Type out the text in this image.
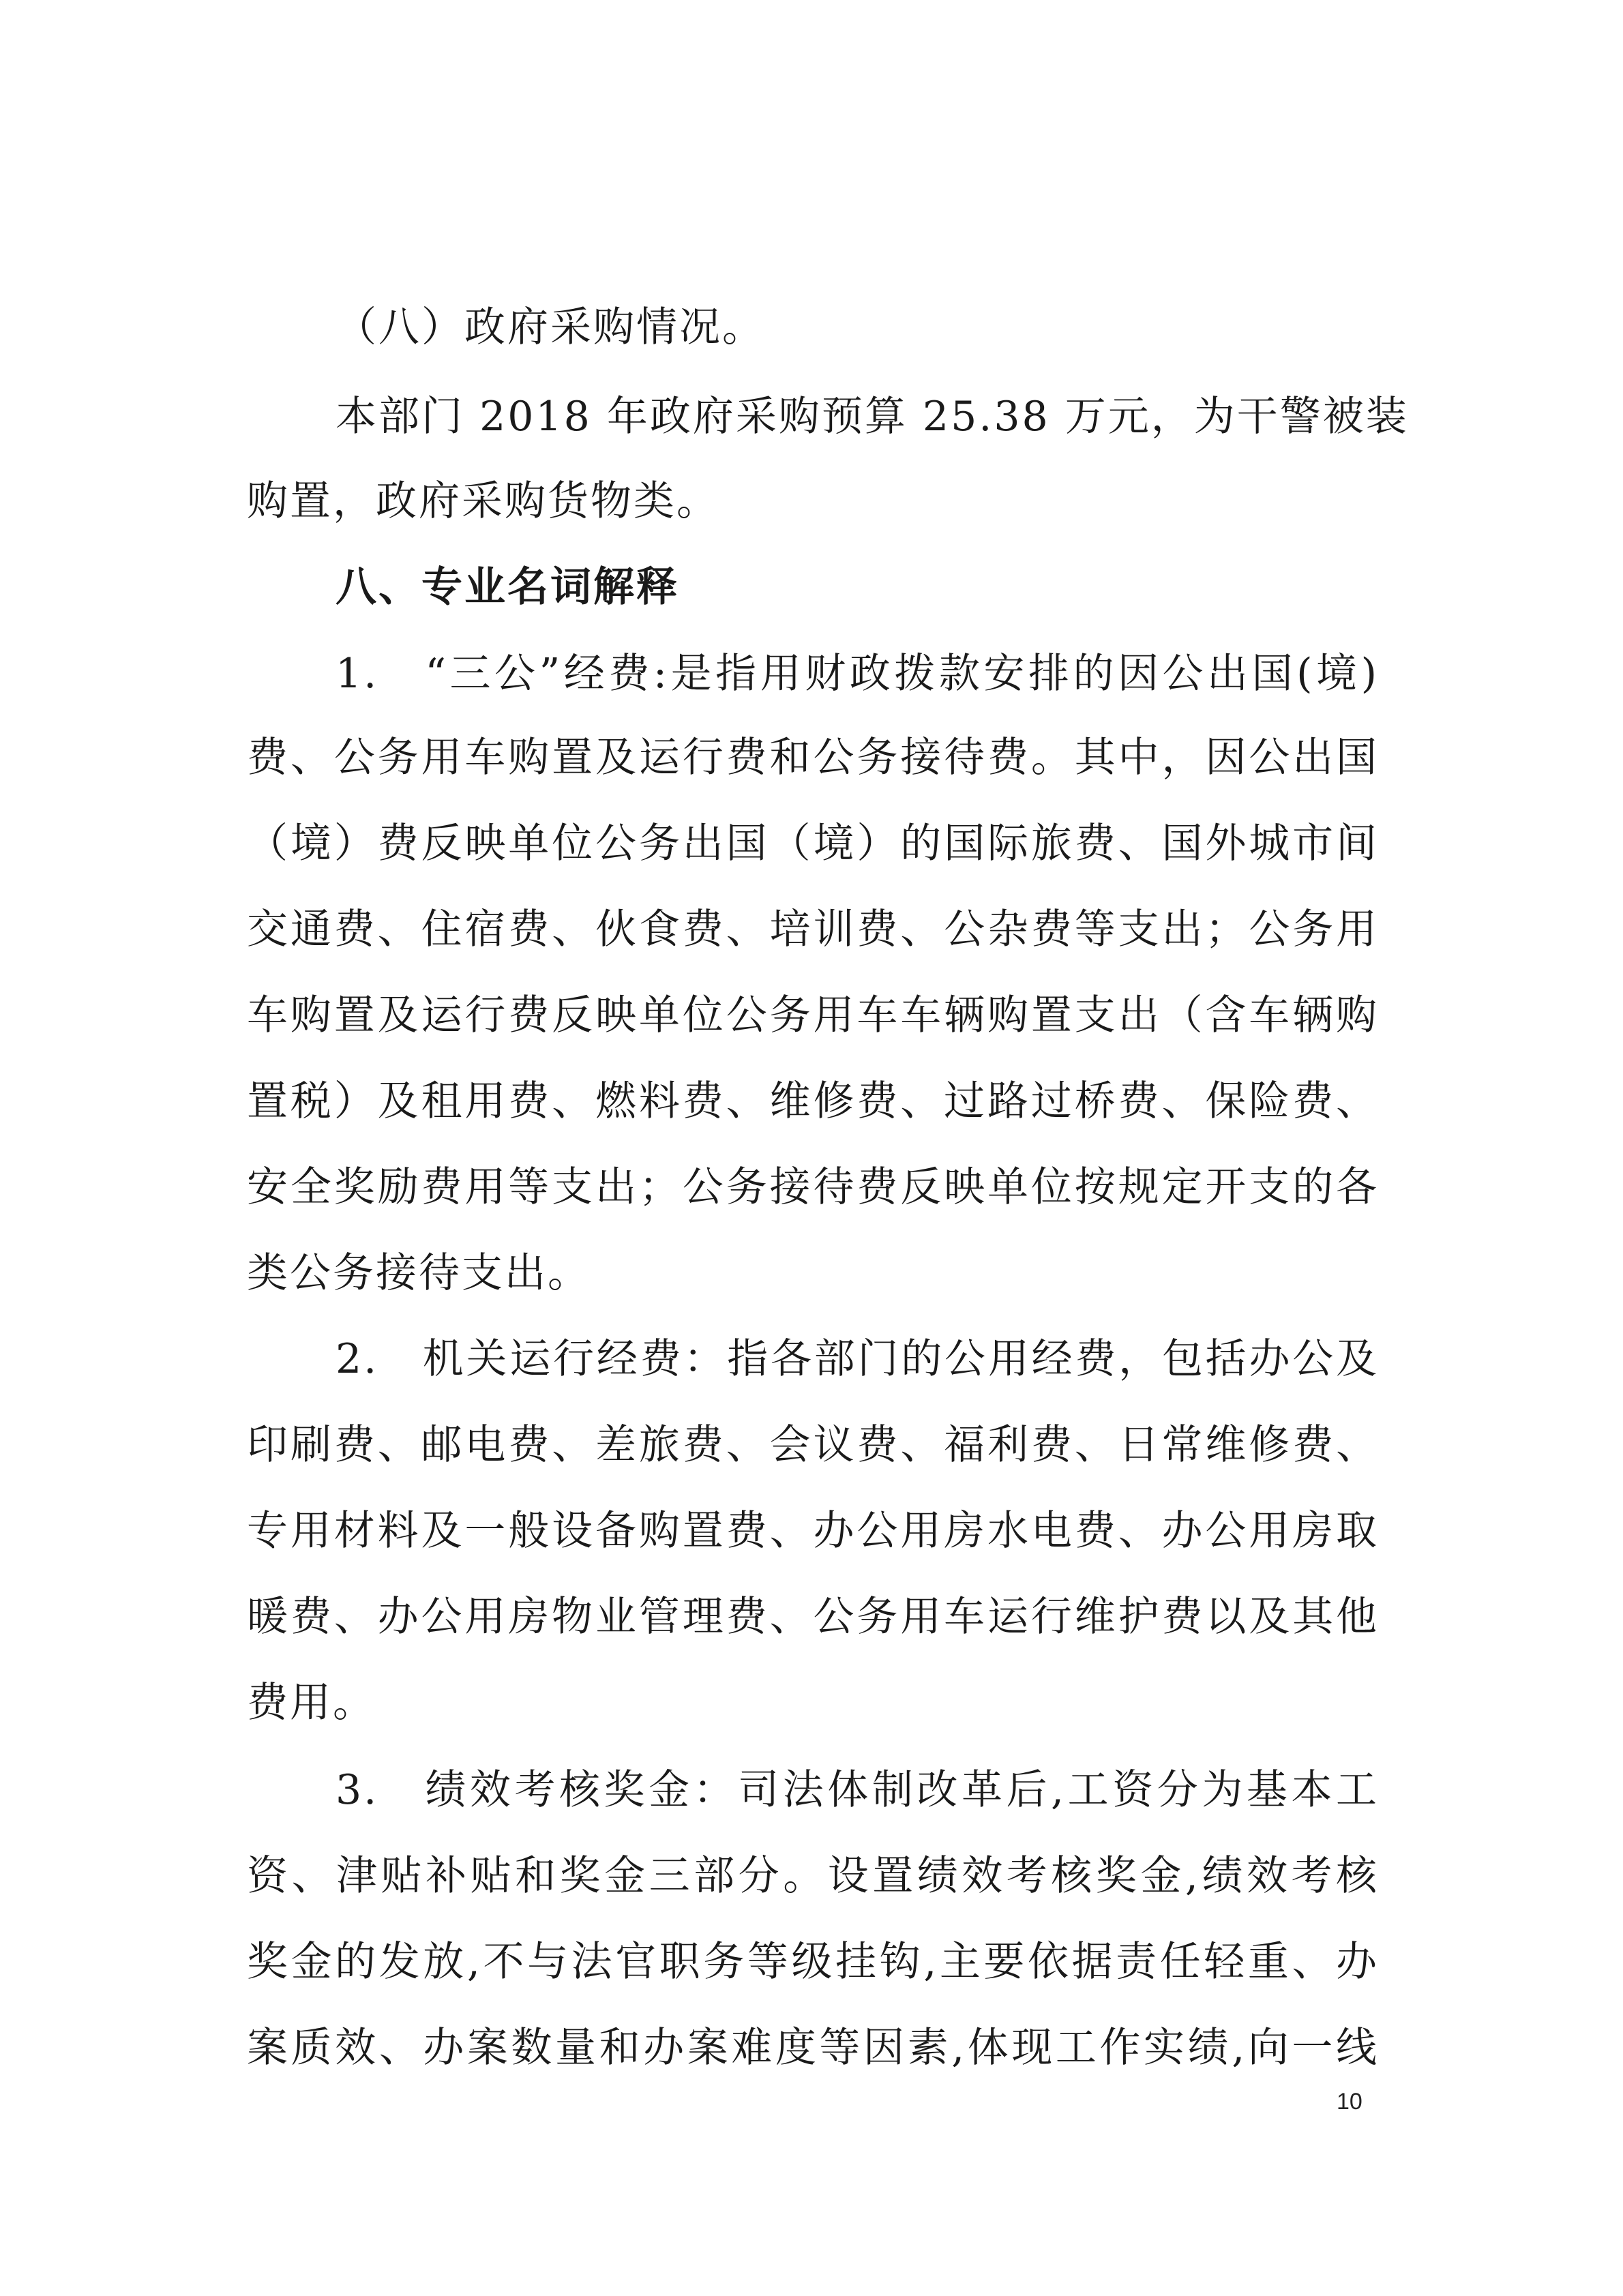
（八）政府采购情况。
本部门 2018 年政府采购预算 25.38 万元，为干警被装
购置，政府采购货物类。
八、专业名词解释
1.　“三公”经费:是指用财政拨款安排的因公出国(境)
费、公务用车购置及运行费和公务接待费。其中，因公出国
（境）费反映单位公务出国（境）的国际旅费、国外城市间
交通费、住宿费、伙食费、培训费、公杂费等支出；公务用
车购置及运行费反映单位公务用车车辆购置支出（含车辆购
置税）及租用费、燃料费、维修费、过路过桥费、保险费、
安全奖励费用等支出；公务接待费反映单位按规定开支的各
类公务接待支出。
2.　机关运行经费：指各部门的公用经费，包括办公及
印刷费、邮电费、差旅费、会议费、福利费、日常维修费、
专用材料及一般设备购置费、办公用房水电费、办公用房取
暖费、办公用房物业管理费、公务用车运行维护费以及其他
费用。
3.　绩效考核奖金：司法体制改革后,工资分为基本工
资、津贴补贴和奖金三部分。设置绩效考核奖金,绩效考核
奖金的发放,不与法官职务等级挂钩,主要依据责任轻重、办
案质效、办案数量和办案难度等因素,体现工作实绩,向一线
10
